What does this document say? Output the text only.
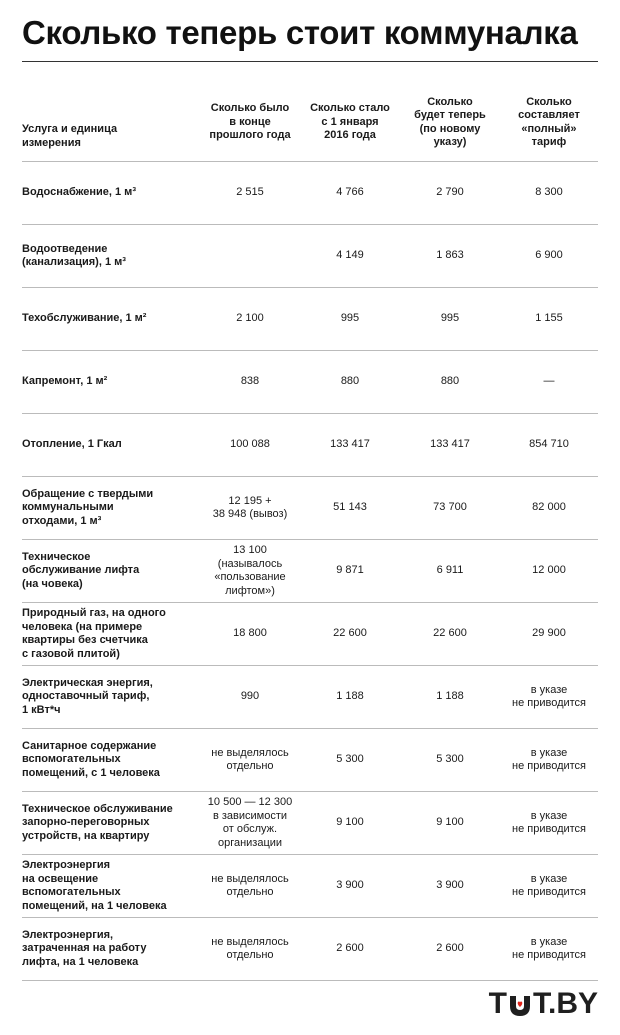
Сколько теперь стоит коммуналка
Услуга и единица
измерения	Сколько было
в конце
прошлого года	Сколько стало
с 1 января
2016 года	Сколько
будет теперь
(по новому
указу)	Сколько
составляет
«полный»
тариф
Водоснабжение, 1 м³	2 515	4 766	2 790	8 300
Водоотведение
(канализация), 1 м³		4 149	1 863	6 900
Техобслуживание, 1 м²	2 100	995	995	1 155
Капремонт, 1 м²	838	880	880	—
Отопление, 1 Гкал	100 088	133 417	133 417	854 710
Обращение с твердыми
коммунальными
отходами, 1 м³	12 195 +
38 948 (вывоз)	51 143	73 700	82 000
Техническое
обслуживание лифта
(на човека)	13 100
(называлось
«пользование
лифтом»)	9 871	6 911	12 000
Природный газ, на одного
человека (на примере
квартиры без счетчика
с газовой плитой)	18 800	22 600	22 600	29 900
Электрическая энергия,
одноставочный тариф,
1 кВт*ч	990	1 188	1 188	в указе
не приводится
Санитарное содержание
вспомогательных
помещений, с 1 человека	не выделялось
отдельно	5 300	5 300	в указе
не приводится
Техническое обслуживание
запорно-переговорных
устройств, на квартиру	10 500 — 12 300
в зависимости
от обслуж.
организации	9 100	9 100	в указе
не приводится
Электроэнергия
на освещение
вспомогательных
помещений, на 1 человека	не выделялось
отдельно	3 900	3 900	в указе
не приводится
Электроэнергия,
затраченная на работу
лифта, на 1 человека	не выделялось
отдельно	2 600	2 600	в указе
не приводится
T T.BY
